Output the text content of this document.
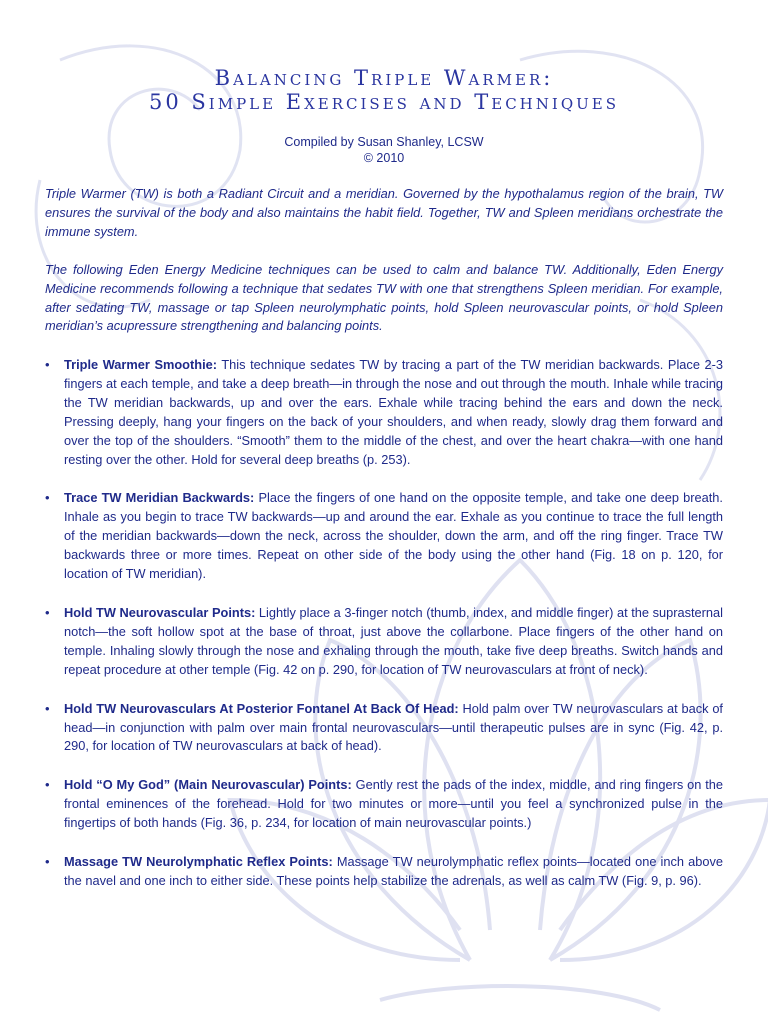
Balancing Triple Warmer:
50 Simple Exercises and Techniques
Compiled by Susan Shanley, LCSW
© 2010

Triple Warmer (TW) is both a Radiant Circuit and a meridian. Governed by the hypothalamus region of the brain, TW ensures the survival of the body and also maintains the habit field. Together, TW and Spleen meridians orchestrate the immune system.

The following Eden Energy Medicine techniques can be used to calm and balance TW. Additionally, Eden Energy Medicine recommends following a technique that sedates TW with one that strengthens Spleen meridian. For example, after sedating TW, massage or tap Spleen neurolymphatic points, hold Spleen neurovascular points, or hold Spleen meridian’s acupressure strengthening and balancing points.

• Triple Warmer Smoothie: This technique sedates TW by tracing a part of the TW meridian backwards. Place 2-3 fingers at each temple, and take a deep breath—in through the nose and out through the mouth. Inhale while tracing the TW meridian backwards, up and over the ears. Exhale while tracing behind the ears and down the neck. Pressing deeply, hang your fingers on the back of your shoulders, and when ready, slowly drag them forward and over the top of the shoulders. “Smooth” them to the middle of the chest, and over the heart chakra—with one hand resting over the other. Hold for several deep breaths (p. 253).
• Trace TW Meridian Backwards: Place the fingers of one hand on the opposite temple, and take one deep breath. Inhale as you begin to trace TW backwards—up and around the ear. Exhale as you continue to trace the full length of the meridian backwards—down the neck, across the shoulder, down the arm, and off the ring finger. Trace TW backwards three or more times. Repeat on other side of the body using the other hand (Fig. 18 on p. 120, for location of TW meridian).
• Hold TW Neurovascular Points: Lightly place a 3-finger notch (thumb, index, and middle finger) at the suprasternal notch—the soft hollow spot at the base of throat, just above the collarbone. Place fingers of the other hand on temple. Inhaling slowly through the nose and exhaling through the mouth, take five deep breaths. Switch hands and repeat procedure at other temple (Fig. 42 on p. 290, for location of TW neurovasculars at front of neck).
• Hold TW Neurovasculars At Posterior Fontanel At Back Of Head: Hold palm over TW neurovasculars at back of head—in conjunction with palm over main frontal neurovasculars—until therapeutic pulses are in sync (Fig. 42, p. 290, for location of TW neurovasculars at back of head).
• Hold “O My God” (Main Neurovascular) Points: Gently rest the pads of the index, middle, and ring fingers on the frontal eminences of the forehead. Hold for two minutes or more—until you feel a synchronized pulse in the fingertips of both hands (Fig. 36, p. 234, for location of main neurovascular points.)
• Massage TW Neurolymphatic Reflex Points: Massage TW neurolymphatic reflex points—located one inch above the navel and one inch to either side. These points help stabilize the adrenals, as well as calm TW (Fig. 9, p. 96).
